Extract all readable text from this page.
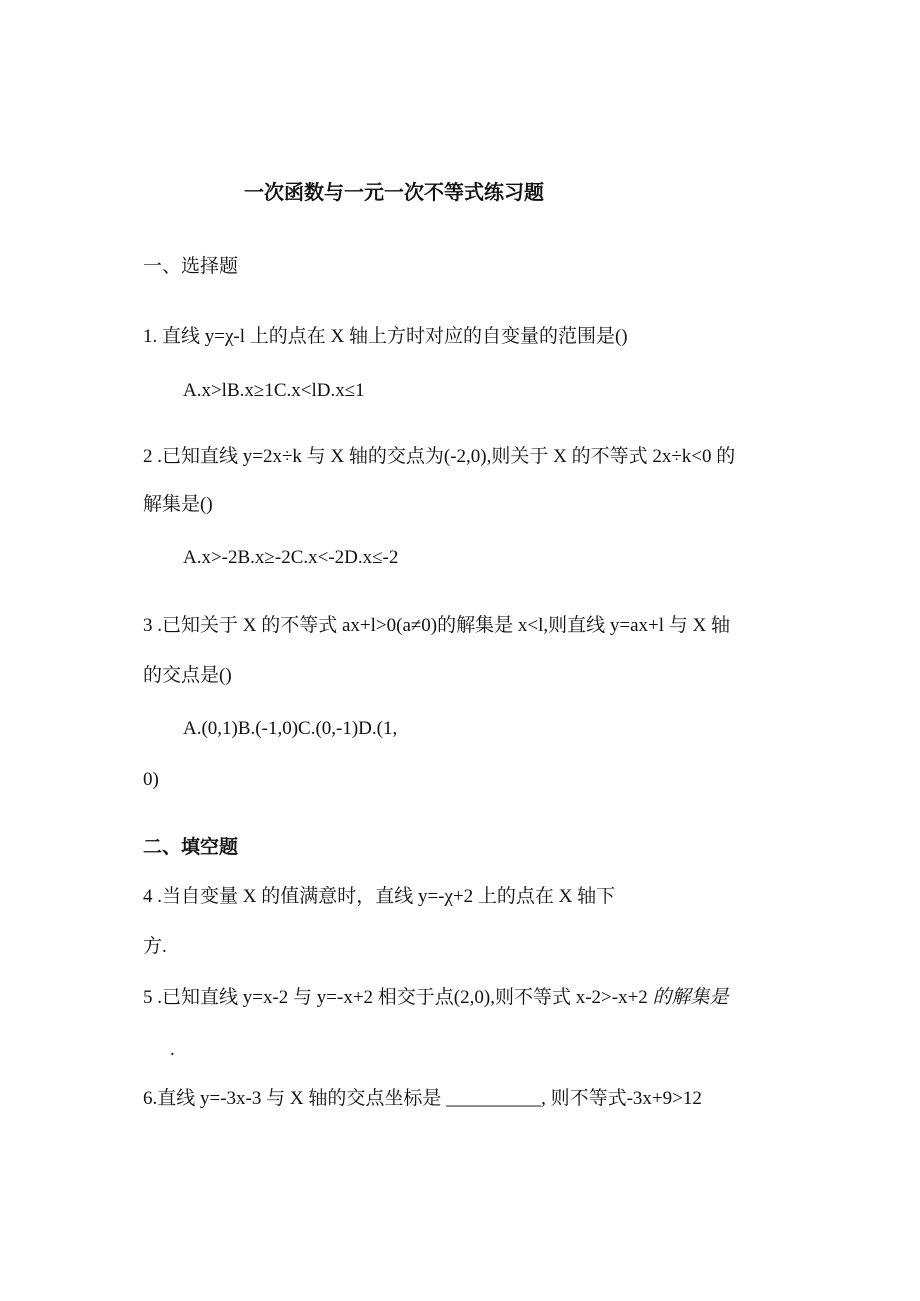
一次函数与一元一次不等式练习题
一、选择题
1. 直线 y=χ-l 上的点在 X 轴上方时对应的自变量的范围是()
A.x>lB.x≥1C.x<lD.x≤1
2 .已知直线 y=2x÷k 与 X 轴的交点为(-2,0),则关于 X 的不等式 2x÷k<0 的
解集是()
A.x>-2B.x≥-2C.x<-2D.x≤-2
3 .已知关于 X 的不等式 ax+l>0(a≠0)的解集是 x<l,则直线 y=ax+l 与 X 轴
的交点是()
A.(0,1)B.(-1,0)C.(0,-1)D.(1,
0)
二、填空题
4 .当自变量 X 的值满意时，直线 y=-χ+2 上的点在 X 轴下
方.
5 .已知直线 y=x-2 与 y=-x+2 相交于点(2,0),则不等式 x-2>-x+2 的解集是
.
6.直线 y=-3x-3 与 X 轴的交点坐标是 __________, 则不等式-3x+9>12
